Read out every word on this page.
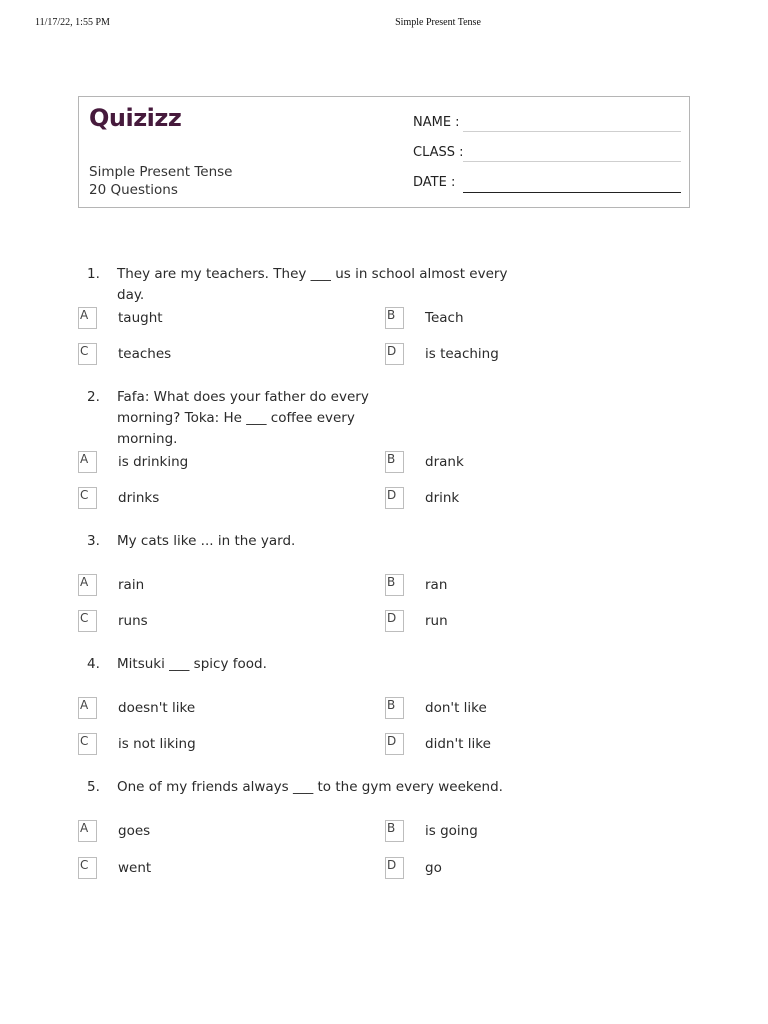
11/17/22, 1:55 PM	Simple Present Tense
Quizizz
Simple Present Tense 20 Questions
NAME :
CLASS :
DATE :
1. They are my teachers. They ___ us in school almost every day.
A	taught	B	Teach
C	teaches	D	is teaching
2. Fafa: What does your father do every morning? Toka: He ___ coffee every morning.
A	is drinking	B	drank
C	drinks	D	drink
3. My cats like ... in the yard.
A	rain	B	ran
C	runs	D	run
4. Mitsuki ___ spicy food.
A	doesn't like	B	don't like
C	is not liking	D	didn't like
5. One of my friends always ___ to the gym every weekend.
A	goes	B	is going
C	went	D	go
